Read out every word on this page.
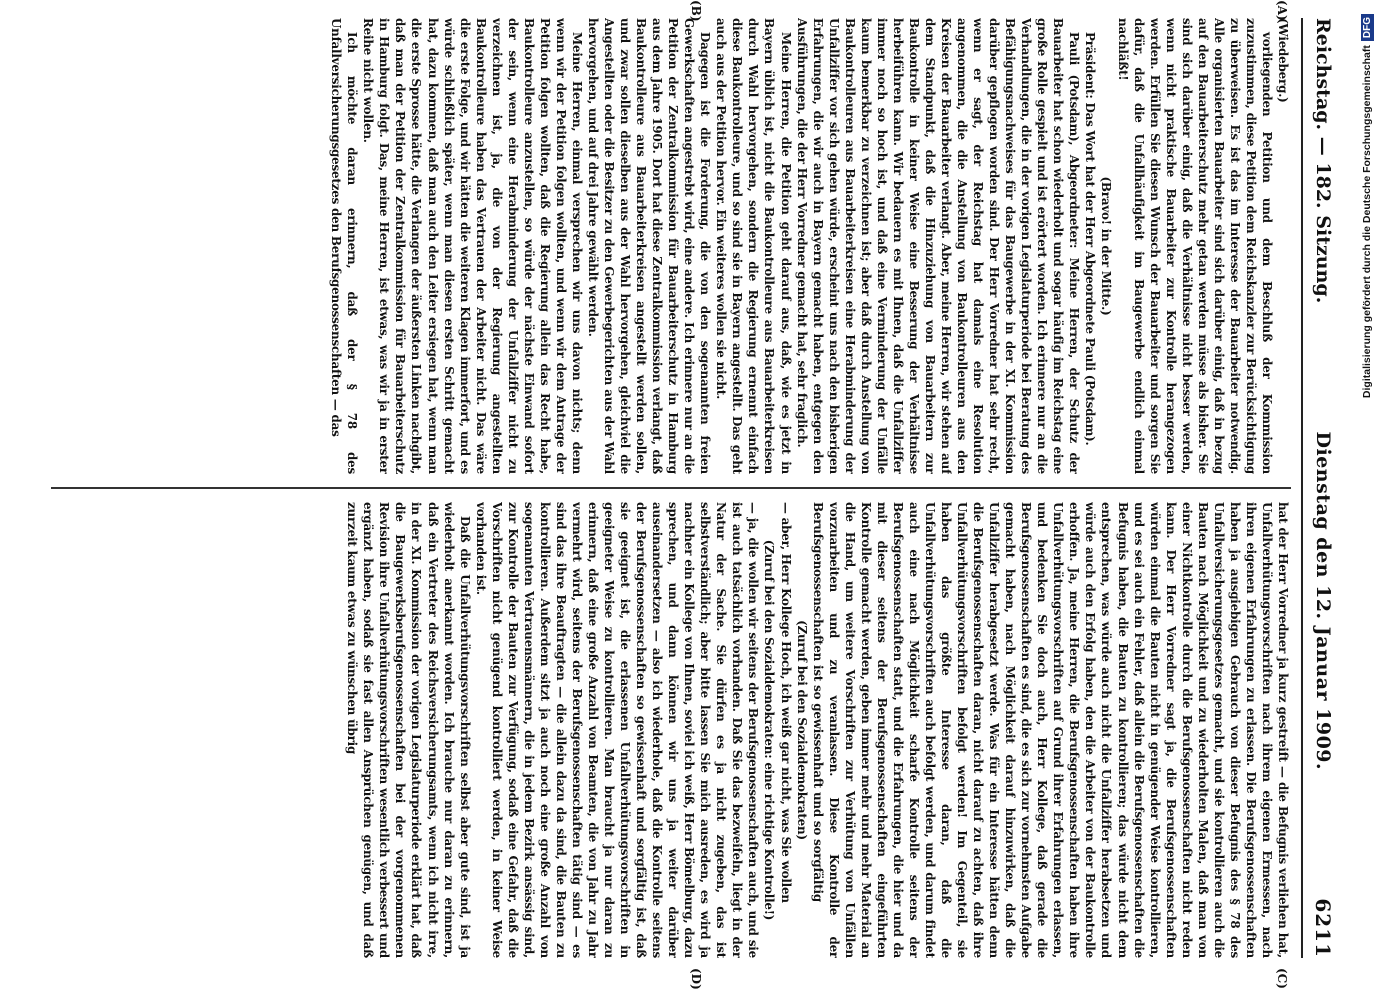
Reichstag. — 182. Sitzung.
Dienstag den 12. Januar 1909.
6211
(A)
(B)
(C)
(D)

(Wiedeberg.)

vorliegenden Petition und dem Beschluß der Kommission zuzustimmen, diese Petition dem Reichskanzler zur Berücksichtigung zu überweisen. Es ist das im Interesse der Bauarbeiter notwendig. Alle organisierten Bauarbeiter sind sich darüber einig, daß in bezug auf den Bauarbeiterschutz mehr getan werden müsse als bisher. Sie sind sich darüber einig, daß die Verhältnisse nicht besser werden, wenn nicht praktische Bauarbeiter zur Kontrolle herangezogen werden. Erfüllen Sie diesen Wunsch der Bauarbeiter und sorgen Sie dafür, daß die Unfallhäufigkeit im Baugewerbe endlich einmal nachläßt!

(Bravo! in der Mitte.)

Präsident: Das Wort hat der Herr Abgeordnete Pauli (Potsdam).

Pauli (Potsdam), Abgeordneter: Meine Herren, der Schutz der Bauarbeiter hat schon wiederholt und sogar häufig im Reichstag eine große Rolle gespielt und ist erörtert worden. Ich erinnere nur an die Verhandlungen, die in der vorigen Legislaturperiode bei Beratung des Befähigungsnachweises für das Baugewerbe in der XI. Kommission darüber gepflogen worden sind. Der Herr Vorredner hat sehr recht, wenn er sagt, der Reichstag hat damals eine Resolution angenommen, die die Anstellung von Baukontrolleuren aus den Kreisen der Bauarbeiter verlangt. Aber, meine Herren, wir stehen auf dem Standpunkt, daß die Hinzuziehung von Bauarbeitern zur Baukontrolle in keiner Weise eine Besserung der Verhältnisse herbeiführen kann. Wir bedauern es mit Ihnen, daß die Unfallziffer immer noch so hoch ist, und daß eine Verminderung der Unfälle kaum bemerkbar zu verzeichnen ist; aber daß durch Anstellung von Baukontrolleuren aus Bauarbeiterkreisen eine Herabminderung der Unfallziffer vor sich gehen würde, erscheint uns nach den bisherigen Erfahrungen, die wir auch in Bayern gemacht haben, entgegen den Ausführungen, die der Herr Vorredner gemacht hat, sehr fraglich.

Meine Herren, die Petition geht darauf aus, daß, wie es jetzt in Bayern üblich ist, nicht die Baukontrolleure aus Bauarbeiterkreisen durch Wahl hervorgehen, sondern die Regierung ernennt einfach diese Baukontrolleure, und so sind sie in Bayern angestellt. Das geht auch aus der Petition hervor. Ein weiteres wollen sie nicht.

Dagegen ist die Forderung, die von den sogenannten freien Gewerkschaften angestrebt wird, eine andere. Ich erinnere nur an die Petition der Zentralkommission für Bauarbeiterschutz in Hamburg aus dem Jahre 1905. Dort hat diese Zentralkommission verlangt, daß Baukontrolleure aus Bauarbeiterkreisen angestellt werden sollen, und zwar sollen dieselben aus der Wahl hervorgehen, gleichviel die Angestellten oder die Besitzer zu den Gewerbegerichten aus der Wahl hervorgehen, und auf drei Jahre gewählt werden.

Meine Herren, einmal versprechen wir uns davon nichts; denn wenn wir der Petition folgen wollten, und wenn wir dem Antrage der Petition folgen wollten, daß die Regierung allein das Recht habe, Baukontrolleure anzustellen, so würde der nächste Einwand sofort der sein, wenn eine Herabminderung der Unfallziffer nicht zu verzeichnen ist, ja, die von der Regierung angestellten Baukontrolleure haben das Vertrauen der Arbeiter nicht. Das wäre die erste Folge, und wir hätten die weiteren Klagen immerfort, und es würde schließlich später, wenn man diesen ersten Schritt gemacht hat, dazu kommen, daß man auch den Leiter ersiegen hat, wenn man die erste Sprosse hätte, die Verlangen der äußersten Linken nachgibt, daß man der Petition der Zentralkommission für Bauarbeiterschutz in Hamburg folgt. Das, meine Herren, ist etwas, was wir ja in erster Reihe nicht wollen.

Ich möchte daran erinnern, daß der § 78 des Unfallversicherungsgesetzes den Berufsgenossenschaften — das

hat der Herr Vorredner ja kurz gestreift — die Befugnis verliehen hat, Unfallverhütungsvorschriften nach ihrem eigenen Ermessen, nach ihren eigenen Erfahrungen zu erlassen. Die Berufsgenossenschaften haben ja ausgiebigen Gebrauch von dieser Befugnis des § 78 des Unfallversicherungsgesetzes gemacht, und sie kontrollieren auch die Bauten nach Möglichkeit und zu wiederholten Malen, daß man von einer Nichtkontrolle durch die Berufsgenossenschaften nicht reden kann. Der Herr Vorredner sagt ja, die Berufsgenossenschaften würden einmal die Bauten nicht in genügender Weise kontrollieren, und es sei auch ein Fehler, daß allein die Berufsgenossenschaften die Befugnis haben, die Bauten zu kontrollieren; das würde nicht dem entsprechen, was würde auch nicht die Unfallziffer herabsetzen und würde auch den Erfolg haben, den die Arbeiter von der Baukontrolle erhoffen. Ja, meine Herren, die Berufsgenossenschaften haben ihre Unfallverhütungsvorschriften auf Grund ihrer Erfahrungen erlassen, und bedenken Sie doch auch, Herr Kollege, daß gerade die Berufsgenossenschaften es sind, die es sich zur vornehmsten Aufgabe gemacht haben, nach Möglichkeit darauf hinzuwirken, daß die Unfallziffer herabgesetzt werde. Was für ein Interesse hätten denn die Berufsgenossenschaften daran, nicht darauf zu achten, daß ihre Unfallverhütungsvorschriften befolgt werden! Im Gegenteil, sie haben das größte Interesse daran, daß die Unfallverhütungsvorschriften auch befolgt werden, und darum findet auch eine nach Möglichkeit scharfe Kontrolle seitens der Berufsgenossenschaften statt, und die Erfahrungen, die hier und da mit dieser seitens der Berufsgenossenschaften eingeführten Kontrolle gemacht werden, geben immer mehr und mehr Material an die Hand, um weitere Vorschriften zur Verhütung von Unfällen vorzuarbeiten und zu veranlassen. Diese Kontrolle der Berufsgenossenschaften ist so gewissenhaft und so sorgfältig

(Zuruf bei den Sozialdemokraten)

— aber, Herr Kollege Hoch, ich weiß gar nicht, was Sie wollen

(Zuruf bei den Sozialdemokraten: eine richtige Kontrolle!)

— ja, die wollen wir seitens der Berufsgenossenschaften auch, und sie ist auch tatsächlich vorhanden. Daß Sie das bezweifeln, liegt in der Natur der Sache. Sie dürfen es ja nicht zugeben, das ist selbstverständlich; aber bitte lassen Sie mich ausreden, es wird ja nachher ein Kollege von Ihnen, soviel ich weiß, Herr Bömelburg, dazu sprechen, und dann können wir uns ja weiter darüber auseinandersetzen — also ich wiederhole, daß die Kontrolle seitens der Berufsgenossenschaften so gewissenhaft und sorgfältig ist, daß sie geeignet ist, die erlassenen Unfallverhütungsvorschriften in geeigneter Weise zu kontrollieren. Man braucht ja nur daran zu erinnern, daß eine große Anzahl von Beamten, die von Jahr zu Jahr vermehrt wird, seitens der Berufsgenossenschaften tätig sind — es sind das ihre Beauftragten — die allein dazu da sind, die Bauten zu kontrollieren. Außerdem sitzt ja auch noch eine große Anzahl von sogenannten Vertrauensmännern, die in jedem Bezirk ansässig sind, zur Kontrolle der Bauten zur Verfügung, sodaß eine Gefahr, daß die Vorschriften nicht genügend kontrolliert werden, in keiner Weise vorhanden ist.

Daß die Unfallverhütungsvorschriften selbst aber gute sind, ist ja wiederholt anerkannt worden. Ich brauche nur daran zu erinnern, daß ein Vertreter des Reichsversicherungsamts, wenn ich nicht irre, in der XI. Kommission der vorigen Legislaturperiode erklärt hat, daß die Baugewerksberufsgenossenschaften bei der vorgenommenen Revision ihre Unfallverhütungsvorschriften wesentlich verbessert und ergänzt haben, sodaß sie fast allen Ansprüchen genügen, und daß zurzeit kaum etwas zu wünschen übrig

Digitalisierung gefördert durch die Deutsche ForschungsgemeinschaftDFG
